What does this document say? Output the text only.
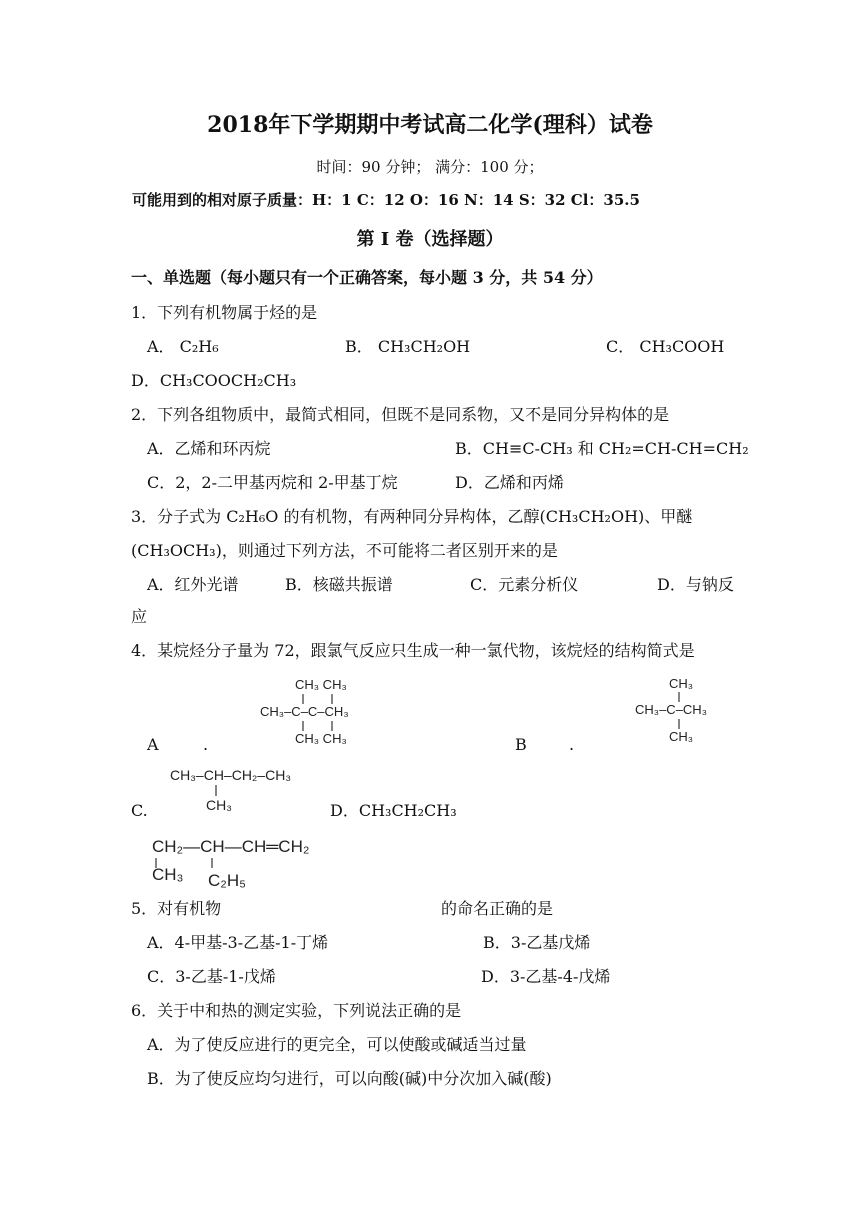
2018年下学期期中考试高二化学(理科）试卷
时间：90 分钟； 满分：100 分；
可能用到的相对原子质量：H：1 C：12 O：16 N：14 S：32 Cl：35.5
第 I 卷（选择题）
一、单选题（每小题只有一个正确答案，每小题 3 分，共 54 分）
1．下列有机物属于烃的是
A． C₂H₆	B． CH₃CH₂OH	C． CH₃COOH
D．CH₃COOCH₂CH₃
2．下列各组物质中，最简式相同，但既不是同系物，又不是同分异构体的是
A．乙烯和环丙烷	B．CH≡C-CH₃ 和 CH₂=CH-CH=CH₂
C．2，2-二甲基丙烷和 2-甲基丁烷	D．乙烯和丙烯
3．分子式为 C₂H₆O 的有机物，有两种同分异构体，乙醇(CH₃CH₂OH)、甲醚
(CH₃OCH₃)，则通过下列方法，不可能将二者区别开来的是
A．红外光谱	B．核磁共振谱	C．元素分析仪	D．与钠反
应
4．某烷烃分子量为 72，跟氯气反应只生成一种一氯代物，该烷烃的结构简式是
CH₃ CH₃
CH₃–C–C–CH₃
CH₃ CH₃
A	.
CH₃
CH₃–C–CH₃
CH₃
B	.
CH₃–CH–CH₂–CH₃
CH₃
C.	D．CH₃CH₂CH₃
CH₂—CH—CH═CH₂
CH₃ C₂H₅
5．对有机物	的命名正确的是
A．4-甲基-3-乙基-1-丁烯	B．3-乙基戊烯
C．3-乙基-1-戊烯	D．3-乙基-4-戊烯
6．关于中和热的测定实验，下列说法正确的是
A．为了使反应进行的更完全，可以使酸或碱适当过量
B．为了使反应均匀进行，可以向酸(碱)中分次加入碱(酸)
